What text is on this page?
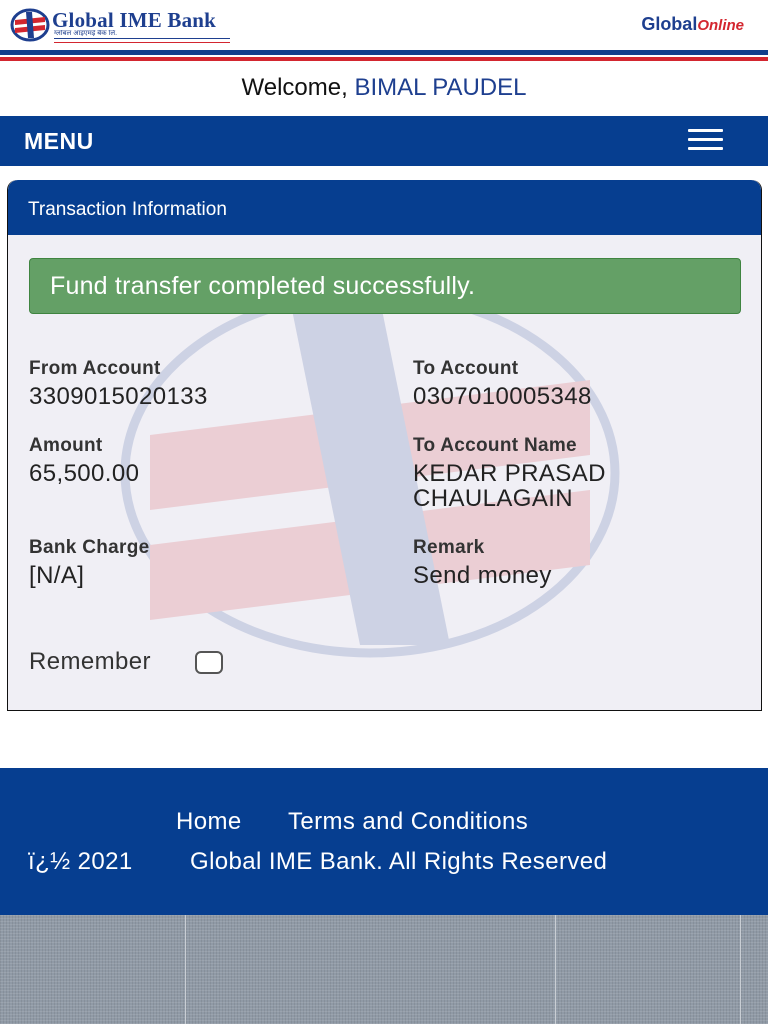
Global IME Bank
ग्लोबल आइएमई बैंक लि.	GlobalOnline
Welcome, BIMAL PAUDEL
MENU
Transaction Information
Fund transfer completed successfully.
From Account
3309015020133
To Account
0307010005348
Amount
65,500.00
To Account Name
KEDAR PRASAD
CHAULAGAIN
Bank Charge
[N/A]
Remark
Send money
Remember
Home Terms and Conditions
ï¿½ 2021 Global IME Bank. All Rights Reserved
